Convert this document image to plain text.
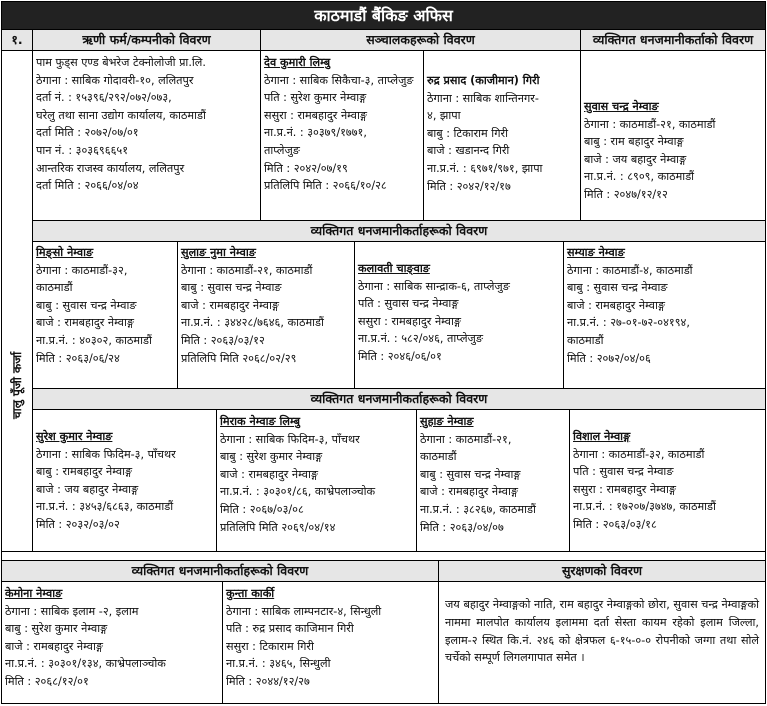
काठमाडौं बैंकिङ अफिस
१.	ऋणी फर्म/कम्पनीको विवरण	सञ्चालकहरूको विवरण	व्यक्तिगत धनजमानीकर्ताको विवरण
चालु पूँजी कर्जा
पाम फुड्स एण्ड बेभरेज टेक्नोलोजी प्रा.लि.
ठेगाना : साबिक गोदावरी-१०, ललितपुर
दर्ता नं. : १५३९६/२९२/०७२/०७३,
घरेलु तथा साना उद्योग कार्यालय, काठमाडौं
दर्ता मिति : २०७२/०७/०१
पान नं. : ३०३६९६६५१
आन्तरिक राजस्व कार्यालय, ललितपुर
दर्ता मिति : २०६६/०४/०४
देव कुमारी लिम्बु
ठेगाना : साबिक सिकैचा-३, ताप्लेजुङ
पति : सुरेश कुमार नेम्वाङ्ग
ससुरा : रामबहादुर नेम्वाङ्ग
ना.प्र.नं. : ३०३७९/१७७१,
ताप्लेजुङ
मिति : २०४२/०७/१९
प्रतिलिपि मिति : २०६६/१०/२८
रुद्र प्रसाद (काजीमान) गिरी
ठेगाना : साबिक शान्तिनगर-
४, झापा
बाबु : टिकाराम गिरी
बाजे : खडानन्द गिरी
ना.प्र.नं. : ६९७१/९७१, झापा
मिति : २०४२/१२/१७
सुवास चन्द्र नेम्वाङ
ठेगाना : काठमाडौं-२१, काठमाडौं
बाबु : राम बहादुर नेम्वाङ्ग
बाजे : जय बहादुर नेम्वाङ्ग
ना.प्र.नं. : ८९०९, काठमाडौं
मिति : २०४७/१२/१२
व्यक्तिगत धनजमानीकर्ताहरूको विवरण
मिङ्सो नेम्वाङ
ठेगाना : काठमाडौं-३२,
काठमाडौं
बाबु : सुवास चन्द्र नेम्वाङ
बाजे : रामबहादुर नेम्वाङ्ग
ना.प्र.नं. : ४०३०२, काठमाडौं
मिति : २०६३/०६/२४
सुलाङ नुमा नेम्वाङ
ठेगाना : काठमाडौं-२१, काठमाडौं
बाबु : सुवास चन्द्र नेम्वाङ
बाजे : रामबहादुर नेम्वाङ्ग
ना.प्र.नं. : ३४४२८/७६४६, काठमाडौं
मिति : २०६३/०३/१२
प्रतिलिपि मिति २०६८/०२/२९
कलावती चाङ्वाङ
ठेगाना : साबिक सान्द्राक-६, ताप्लेजुङ
पति : सुवास चन्द्र नेम्वाङ्ग
ससुरा : रामबहादुर नेम्वाङ्ग
ना.प्र.नं. : ५८२/०४६, ताप्लेजुङ
मिति : २०४६/०६/०१
सम्याङ नेम्वाङ
ठेगाना : काठमाडौं-४, काठमाडौं
बाबु : सुवास चन्द्र नेम्वाङ
बाजे : रामबहादुर नेम्वाङ्ग
ना.प्र.नं. : २७-०१-७२-०४१९४,
काठमाडौं
मिति : २०७२/०४/०६
व्यक्तिगत धनजमानीकर्ताहरूको विवरण
सुरेश कुमार नेम्वाङ
ठेगाना : साबिक फिदिम-३, पाँचथर
बाबु : रामबहादुर नेम्वाङ्ग
बाजे : जय बहादुर नेम्वाङ्ग
ना.प्र.नं. : ३४५३/६८६३, काठमाडौं
मिति : २०३२/०३/०२
मिराक नेम्वाङ लिम्बु
ठेगाना : साबिक फिदिम-३, पाँचथर
बाबु : सुरेश कुमार नेम्वाङ्ग
बाजे : रामबहादुर नेम्वाङ्ग
ना.प्र.नं. : ३०३०१/८६, काभ्रेपलाञ्चोक
मिति : २०६७/०३/०८
प्रतिलिपि मिति २०६९/०४/१४
सुहाङ नेम्वाङ
ठेगाना : काठमाडौं-२१,
काठमाडौं
बाबु : सुवास चन्द्र नेम्वाङ्ग
बाजे : रामबहादुर नेम्वाङ्ग
ना.प्र.नं. : ३८२६७, काठमाडौं
मिति : २०६३/०४/०७
विशाल नेम्वाङ्ग
ठेगाना : काठमाडौं-३२, काठमाडौं
पति : सुवास चन्द्र नेम्वाङ
ससुरा : रामबहादुर नेम्वाङ्ग
ना.प्र.नं. : १७२०७/३७४७, काठमाडौं
मिति : २०६३/०३/१८
व्यक्तिगत धनजमानीकर्ताहरूको विवरण	सुरक्षणको विवरण
केमोना नेम्वाङ
ठेगाना : साबिक इलाम -२, इलाम
बाबु : सुरेश कुमार नेम्वाङ्ग
बाजे : रामबहादुर नेम्वाङ्ग
ना.प्र.नं. : ३०३०१/१३४, काभ्रेपलाञ्चोक
मिति : २०६८/१२/०१
कुन्ता कार्की
ठेगाना : साबिक लाम्पनटार-४, सिन्धुली
पति : रुद्र प्रसाद काजिमान गिरी
ससुरा : टिकाराम गिरी
ना.प्र.नं. : ३४६५, सिन्धुली
मिति : २०४४/१२/२७
जय बहादुर नेम्वाङ्गको नाति, राम बहादुर नेम्वाङ्गको छोरा, सुवास चन्द्र नेम्वाङ्गको नाममा मालपोत कार्यालय इलाममा दर्ता सेस्ता कायम रहेको इलाम जिल्ला, इलाम-२ स्थित कि.नं. २४६ को क्षेत्रफल ६-१५-०-० रोपनीको जग्गा तथा सोले चर्चेको सम्पूर्ण लिगलगापात समेत ।
